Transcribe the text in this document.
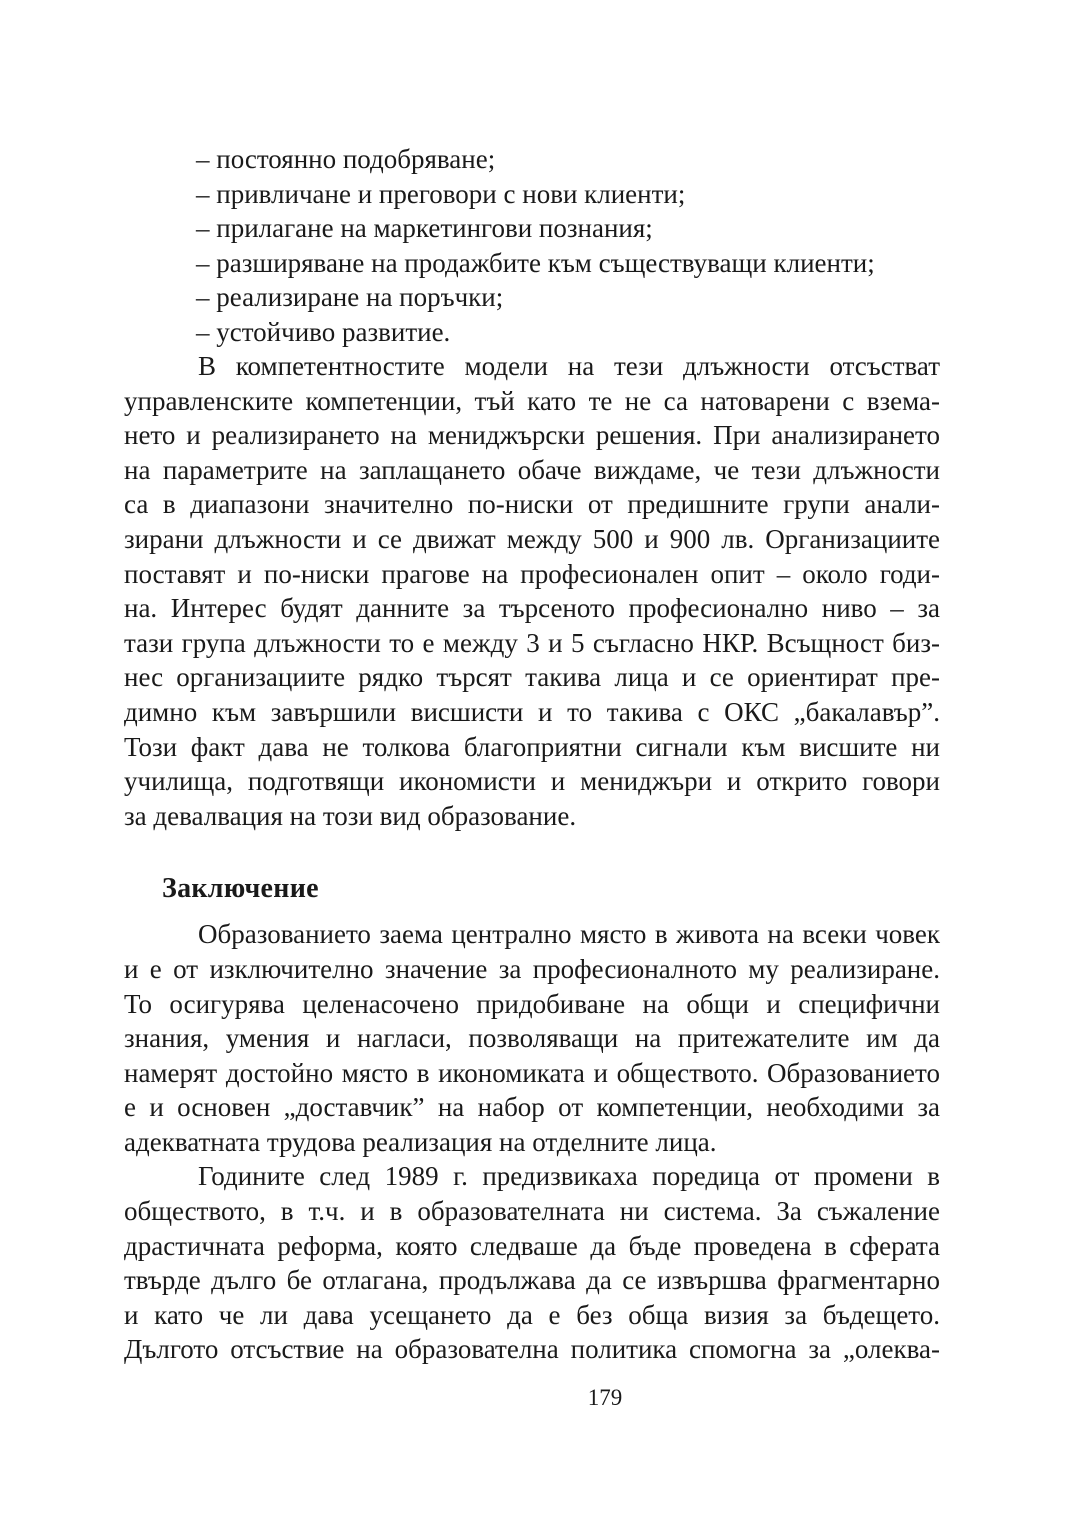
– постоянно подобряване;
– привличане и преговори с нови клиенти;
– прилагане на маркетингови познания;
– разширяване на продажбите към съществуващи клиенти;
– реализиране на поръчки;
– устойчиво развитие.

В компетентностите модели на тези длъжности отсъстват
управленските компетенции, тъй като те не са натоварени с взема-
нето и реализирането на мениджърски решения. При анализирането
на параметрите на заплащането обаче виждаме, че тези длъжности
са в диапазони значително по-ниски от предишните групи анали-
зирани длъжности и се движат между 500 и 900 лв. Организациите
поставят и по-ниски прагове на професионален опит – около годи-
на. Интерес будят данните за търсеното професионално ниво – за
тази група длъжности то е между 3 и 5 съгласно НКР. Всъщност биз-
нес организациите рядко търсят такива лица и се ориентират пре-
димно към завършили висшисти и то такива с ОКС „бакалавър”.
Този факт дава не толкова благоприятни сигнали към висшите ни
училища, подготвящи икономисти и мениджъри и открито говори
за девалвация на този вид образование.

Заключение

Образованието заема централно място в живота на всеки човек
и е от изключително значение за професионалното му реализиране.
То осигурява целенасочено придобиване на общи и специфични
знания, умения и нагласи, позволяващи на притежателите им да
намерят достойно място в икономиката и обществото. Образованието
е и основен „доставчик” на набор от компетенции, необходими за
адекватната трудова реализация на отделните лица.

Годините след 1989 г. предизвикаха поредица от промени в
обществото, в т.ч. и в образователната ни система. За съжаление
драстичната реформа, която следваше да бъде проведена в сферата
твърде дълго бе отлагана, продължава да се извършва фрагментарно
и като че ли дава усещането да е без обща визия за бъдещето.
Дългото отсъствие на образователна политика спомогна за „олеква-

179
